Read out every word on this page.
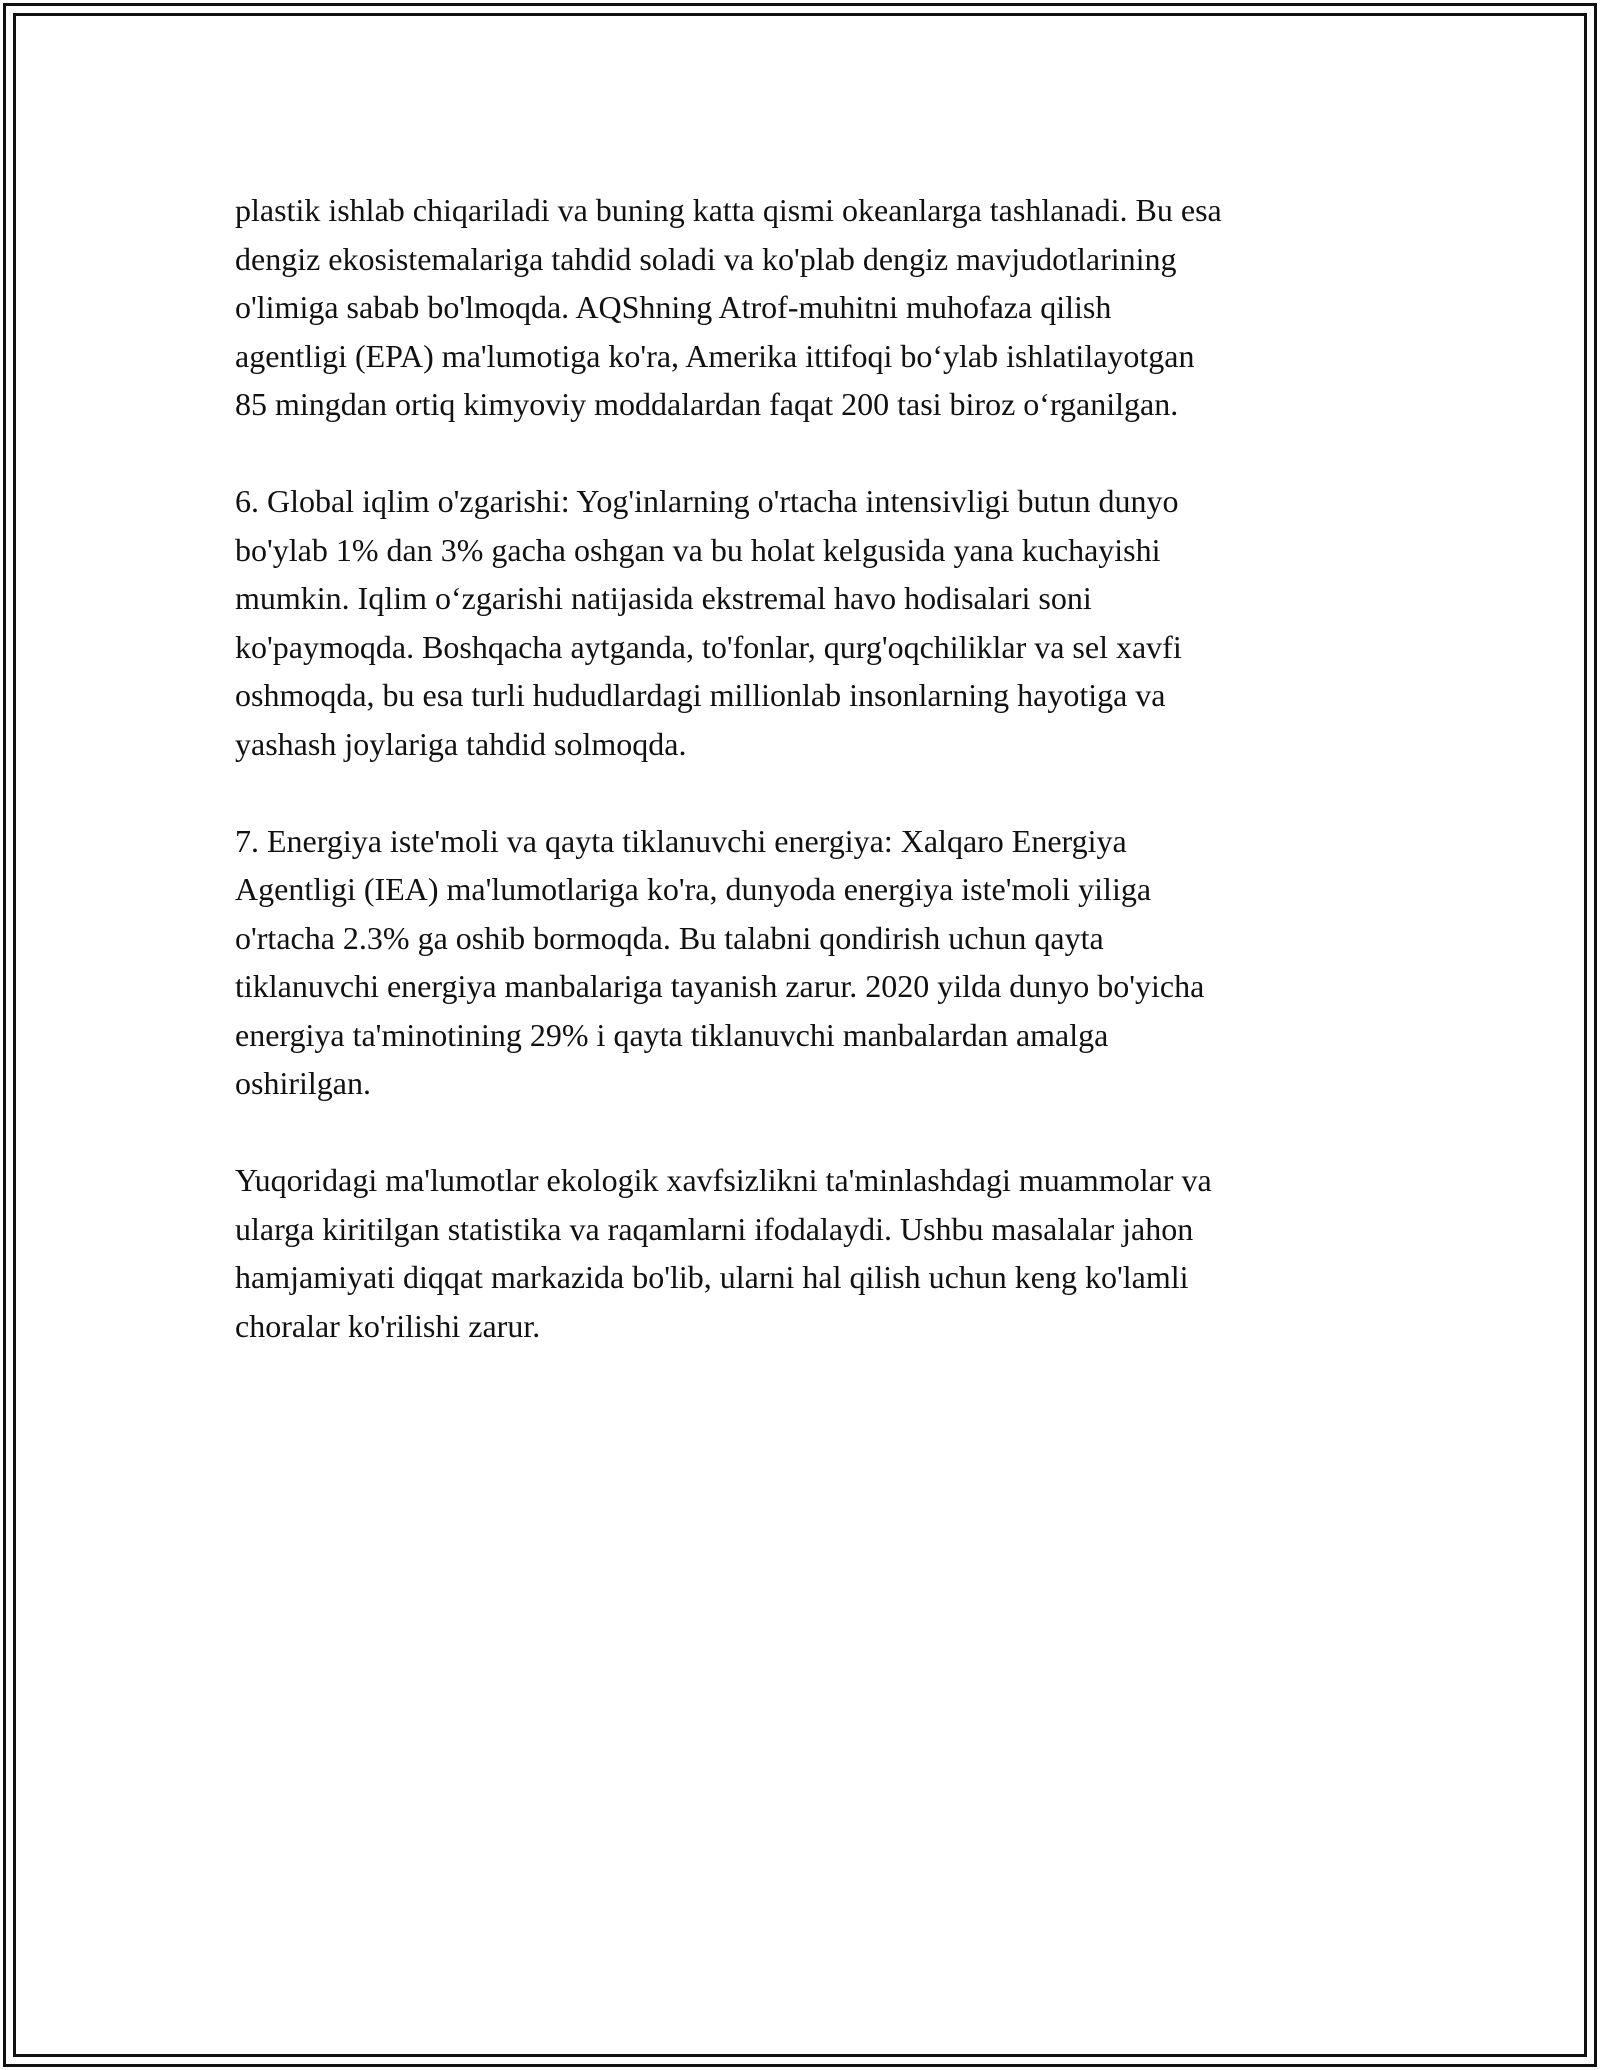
plastik ishlab chiqariladi va buning katta qismi okeanlarga tashlanadi. Bu esa
dengiz ekosistemalariga tahdid soladi va ko'plab dengiz mavjudotlarining
o'limiga sabab bo'lmoqda. AQShning Atrof-muhitni muhofaza qilish
agentligi (EPA) ma'lumotiga ko'ra, Amerika ittifoqi bo‘ylab ishlatilayotgan
85 mingdan ortiq kimyoviy moddalardan faqat 200 tasi biroz o‘rganilgan.

6. Global iqlim o'zgarishi: Yog'inlarning o'rtacha intensivligi butun dunyo
bo'ylab 1% dan 3% gacha oshgan va bu holat kelgusida yana kuchayishi
mumkin. Iqlim o‘zgarishi natijasida ekstremal havo hodisalari soni
ko'paymoqda. Boshqacha aytganda, to'fonlar, qurg'oqchiliklar va sel xavfi
oshmoqda, bu esa turli hududlardagi millionlab insonlarning hayotiga va
yashash joylariga tahdid solmoqda.

7. Energiya iste'moli va qayta tiklanuvchi energiya: Xalqaro Energiya
Agentligi (IEA) ma'lumotlariga ko'ra, dunyoda energiya iste'moli yiliga
o'rtacha 2.3% ga oshib bormoqda. Bu talabni qondirish uchun qayta
tiklanuvchi energiya manbalariga tayanish zarur. 2020 yilda dunyo bo'yicha
energiya ta'minotining 29% i qayta tiklanuvchi manbalardan amalga
oshirilgan.

Yuqoridagi ma'lumotlar ekologik xavfsizlikni ta'minlashdagi muammolar va
ularga kiritilgan statistika va raqamlarni ifodalaydi. Ushbu masalalar jahon
hamjamiyati diqqat markazida bo'lib, ularni hal qilish uchun keng ko'lamli
choralar ko'rilishi zarur.
